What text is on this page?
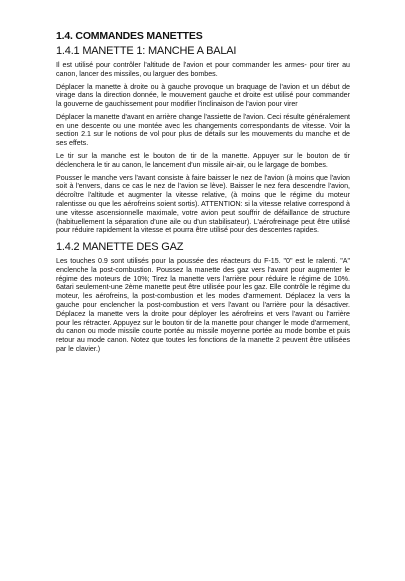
1.4. COMMANDES MANETTES
1.4.1 MANETTE 1: MANCHE A BALAI

Il est utilisé pour contrôler l'altitude de l'avion et pour commander les armes- pour tirer au canon, lancer des missiles, ou larguer des bombes.

Déplacer la manette à droite ou à gauche provoque un braquage de l'avion et un début de virage dans la direction donnée, le mouvement gauche et droite est utilisé pour commander la gouverne de gauchissement pour modifier l'inclinaison de l'avion pour virer

Déplacer la manette d'avant en arrière change l'assiette de l'avion. Ceci résulte généralement en une descente ou une montée avec les changements correspondants de vitesse. Voir la section 2.1 sur le notions de vol pour plus de détails sur les mouvements du manche et de ses effets.

Le tir sur la manche est le bouton de tir de la manette. Appuyer sur le bouton de tir déclenchera le tir au canon, le lancement d'un missile air-air, ou le largage de bombes.

Pousser le manche vers l'avant consiste à faire baisser le nez de l'avion (à moins que l'avion soit à l'envers, dans ce cas le nez de l'avion se lève). Baisser le nez fera descendre l'avion, décroître l'altitude et augmenter la vitesse relative, (à moins que le régime du moteur ralentisse ou que les aérofreins soient sortis). ATTENTION: si la vitesse relative correspond à une vitesse ascensionnelle maximale, votre avion peut souffrir de défaillance de structure (habituellement la séparation d'une aile ou d'un stabilisateur). L'aérofreinage peut être utilisé pour réduire rapidement la vitesse et pourra être utilisé pour des descentes rapides.

1.4.2 MANETTE DES GAZ

Les touches 0.9 sont utilisés pour la poussée des réacteurs du F-15. "0" est le ralenti. "A" enclenche la post-combustion. Poussez la manette des gaz vers l'avant pour augmenter le régime des moteurs de 10%; Tirez la manette vers l'arrière pour réduire le régime de 10%. 6atari seulement-une 2ème manette peut être utilisée pour les gaz. Elle contrôle le régime du moteur, les aérofreins, la post-combustion et les modes d'armement. Déplacez la vers la gauche pour enclencher la post-combustion et vers l'avant ou l'arrière pour la désactiver. Déplacez la manette vers la droite pour déployer les aérofreins et vers l'avant ou l'arrière pour les rétracter. Appuyez sur le bouton tir de la manette pour changer le mode d'armement, du canon ou mode missile courte portée au missile moyenne portée au mode bombe et puis retour au mode canon. Notez que toutes les fonctions de la manette 2 peuvent être utilisées par le clavier.)
